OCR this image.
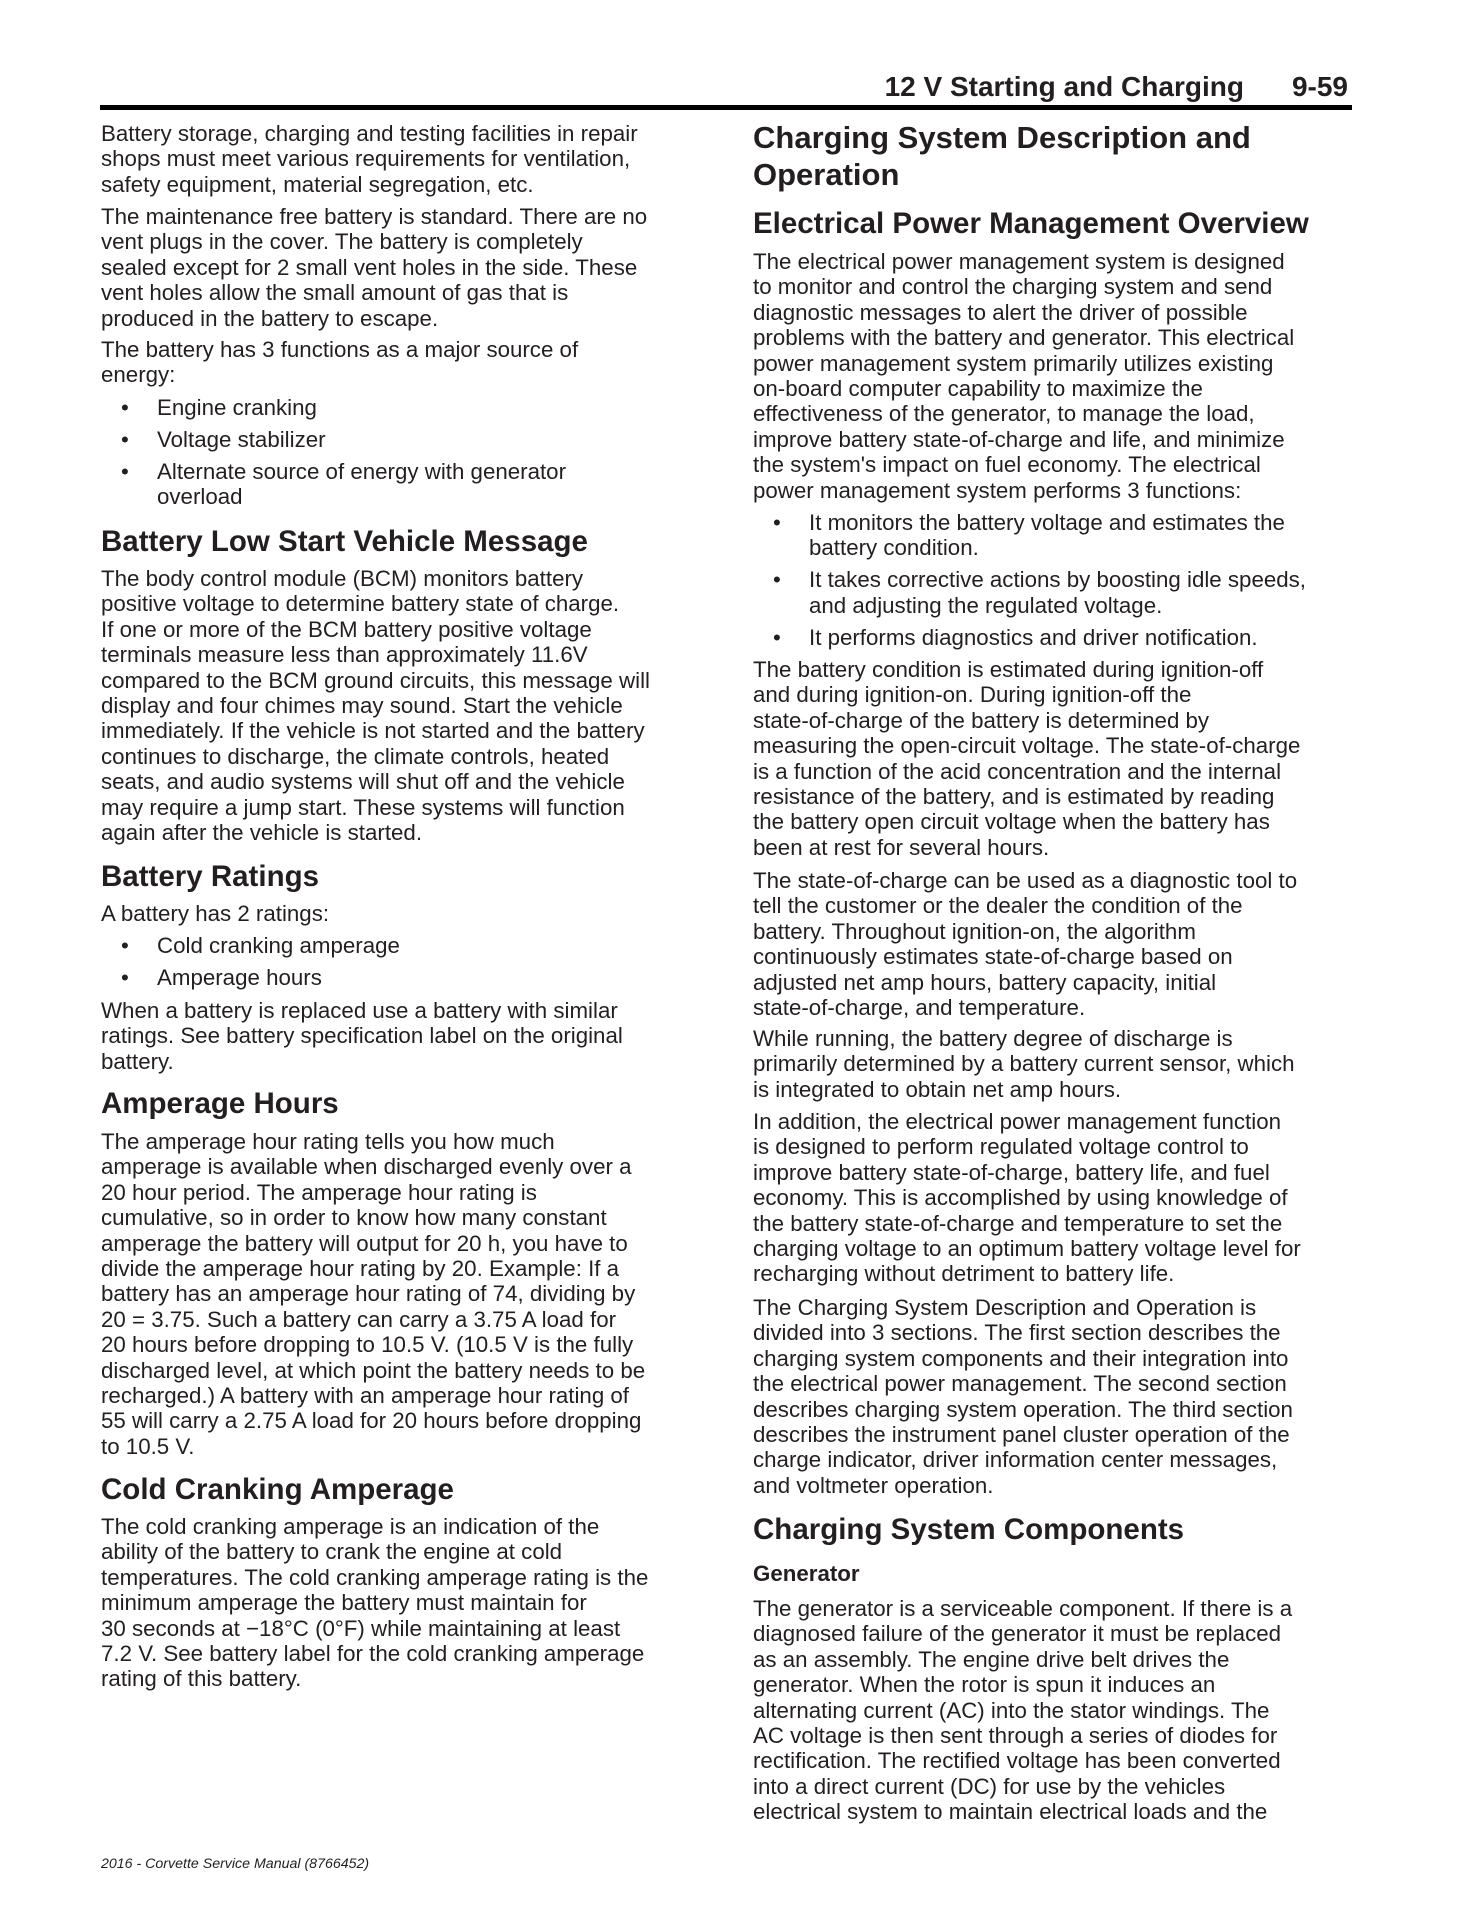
12 V Starting and Charging 9-59
Battery storage, charging and testing facilities in repair
shops must meet various requirements for ventilation,
safety equipment, material segregation, etc.
The maintenance free battery is standard. There are no
vent plugs in the cover. The battery is completely
sealed except for 2 small vent holes in the side. These
vent holes allow the small amount of gas that is
produced in the battery to escape.
The battery has 3 functions as a major source of
energy:
• Engine cranking
• Voltage stabilizer
• Alternate source of energy with generator
overload
Battery Low Start Vehicle Message
The body control module (BCM) monitors battery
positive voltage to determine battery state of charge.
If one or more of the BCM battery positive voltage
terminals measure less than approximately 11.6V
compared to the BCM ground circuits, this message will
display and four chimes may sound. Start the vehicle
immediately. If the vehicle is not started and the battery
continues to discharge, the climate controls, heated
seats, and audio systems will shut off and the vehicle
may require a jump start. These systems will function
again after the vehicle is started.
Battery Ratings
A battery has 2 ratings:
• Cold cranking amperage
• Amperage hours
When a battery is replaced use a battery with similar
ratings. See battery specification label on the original
battery.
Amperage Hours
The amperage hour rating tells you how much
amperage is available when discharged evenly over a
20 hour period. The amperage hour rating is
cumulative, so in order to know how many constant
amperage the battery will output for 20 h, you have to
divide the amperage hour rating by 20. Example: If a
battery has an amperage hour rating of 74, dividing by
20 = 3.75. Such a battery can carry a 3.75 A load for
20 hours before dropping to 10.5 V. (10.5 V is the fully
discharged level, at which point the battery needs to be
recharged.) A battery with an amperage hour rating of
55 will carry a 2.75 A load for 20 hours before dropping
to 10.5 V.
Cold Cranking Amperage
The cold cranking amperage is an indication of the
ability of the battery to crank the engine at cold
temperatures. The cold cranking amperage rating is the
minimum amperage the battery must maintain for
30 seconds at −18°C (0°F) while maintaining at least
7.2 V. See battery label for the cold cranking amperage
rating of this battery.
Charging System Description and
Operation
Electrical Power Management Overview
The electrical power management system is designed
to monitor and control the charging system and send
diagnostic messages to alert the driver of possible
problems with the battery and generator. This electrical
power management system primarily utilizes existing
on-board computer capability to maximize the
effectiveness of the generator, to manage the load,
improve battery state-of-charge and life, and minimize
the system's impact on fuel economy. The electrical
power management system performs 3 functions:
• It monitors the battery voltage and estimates the
battery condition.
• It takes corrective actions by boosting idle speeds,
and adjusting the regulated voltage.
• It performs diagnostics and driver notification.
The battery condition is estimated during ignition-off
and during ignition-on. During ignition-off the
state-of-charge of the battery is determined by
measuring the open-circuit voltage. The state-of-charge
is a function of the acid concentration and the internal
resistance of the battery, and is estimated by reading
the battery open circuit voltage when the battery has
been at rest for several hours.
The state-of-charge can be used as a diagnostic tool to
tell the customer or the dealer the condition of the
battery. Throughout ignition-on, the algorithm
continuously estimates state-of-charge based on
adjusted net amp hours, battery capacity, initial
state-of-charge, and temperature.
While running, the battery degree of discharge is
primarily determined by a battery current sensor, which
is integrated to obtain net amp hours.
In addition, the electrical power management function
is designed to perform regulated voltage control to
improve battery state-of-charge, battery life, and fuel
economy. This is accomplished by using knowledge of
the battery state-of-charge and temperature to set the
charging voltage to an optimum battery voltage level for
recharging without detriment to battery life.
The Charging System Description and Operation is
divided into 3 sections. The first section describes the
charging system components and their integration into
the electrical power management. The second section
describes charging system operation. The third section
describes the instrument panel cluster operation of the
charge indicator, driver information center messages,
and voltmeter operation.
Charging System Components
Generator
The generator is a serviceable component. If there is a
diagnosed failure of the generator it must be replaced
as an assembly. The engine drive belt drives the
generator. When the rotor is spun it induces an
alternating current (AC) into the stator windings. The
AC voltage is then sent through a series of diodes for
rectification. The rectified voltage has been converted
into a direct current (DC) for use by the vehicles
electrical system to maintain electrical loads and the
2016 - Corvette Service Manual (8766452)
